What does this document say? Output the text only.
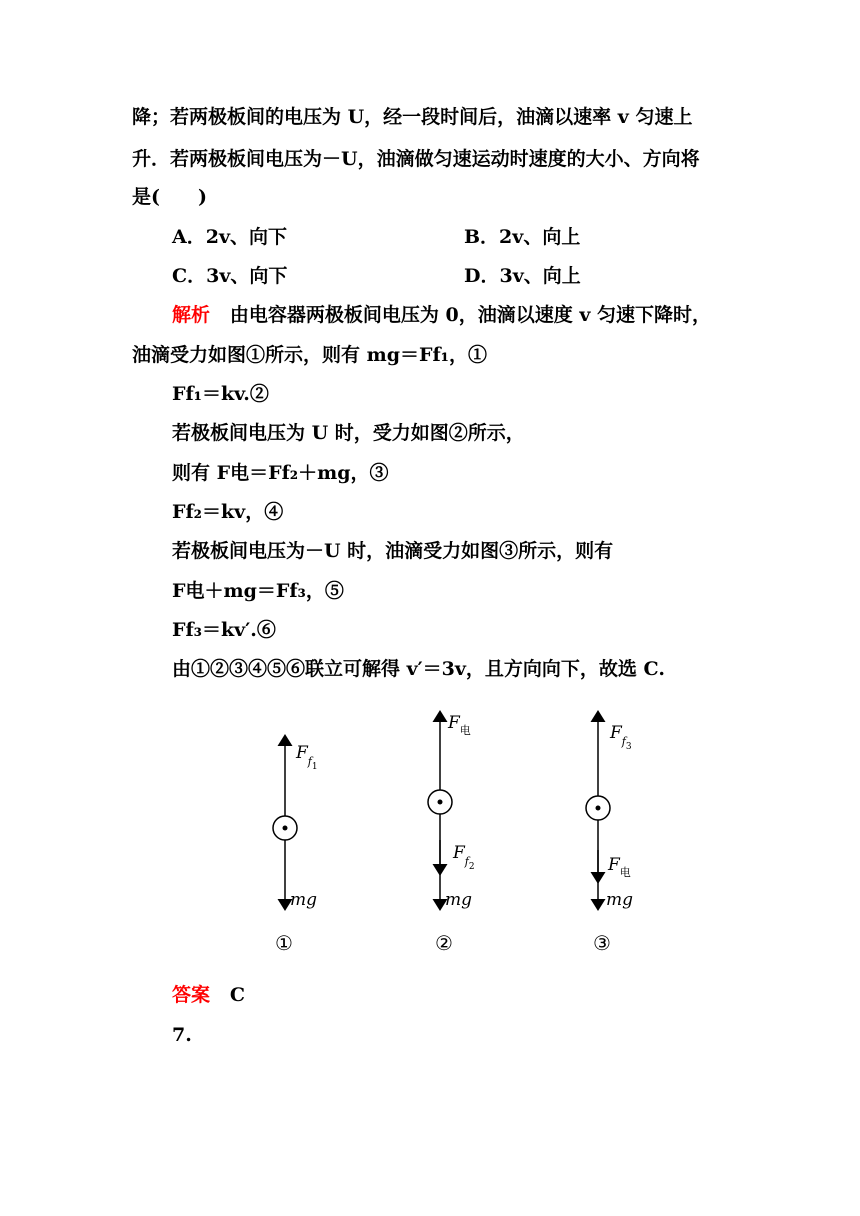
降；若两极板间的电压为 U，经一段时间后，油滴以速率 v 匀速上
升．若两极板间电压为－U，油滴做匀速运动时速度的大小、方向将
是(　　)
A．2v、向下	B．2v、向上
C．3v、向下	D．3v、向上
解析 由电容器两极板间电压为 0，油滴以速度 v 匀速下降时，
油滴受力如图①所示，则有 mg＝Ff₁，①
Ff₁＝kv.②
若极板间电压为 U 时，受力如图②所示，
则有 F电＝Ff₂＋mg，③
Ff₂＝kv，④
若极板间电压为－U 时，油滴受力如图③所示，则有
F电＋mg＝Ff₃，⑤
Ff₃＝kv′.⑥
由①②③④⑤⑥联立可解得 v′＝3v，且方向向下，故选 C.
$F_{f1}$
mg
①
$F_电$
$F_{f2}$
mg
②
$F_{f3}$
$F_电$
mg
③
答案 C
7.
